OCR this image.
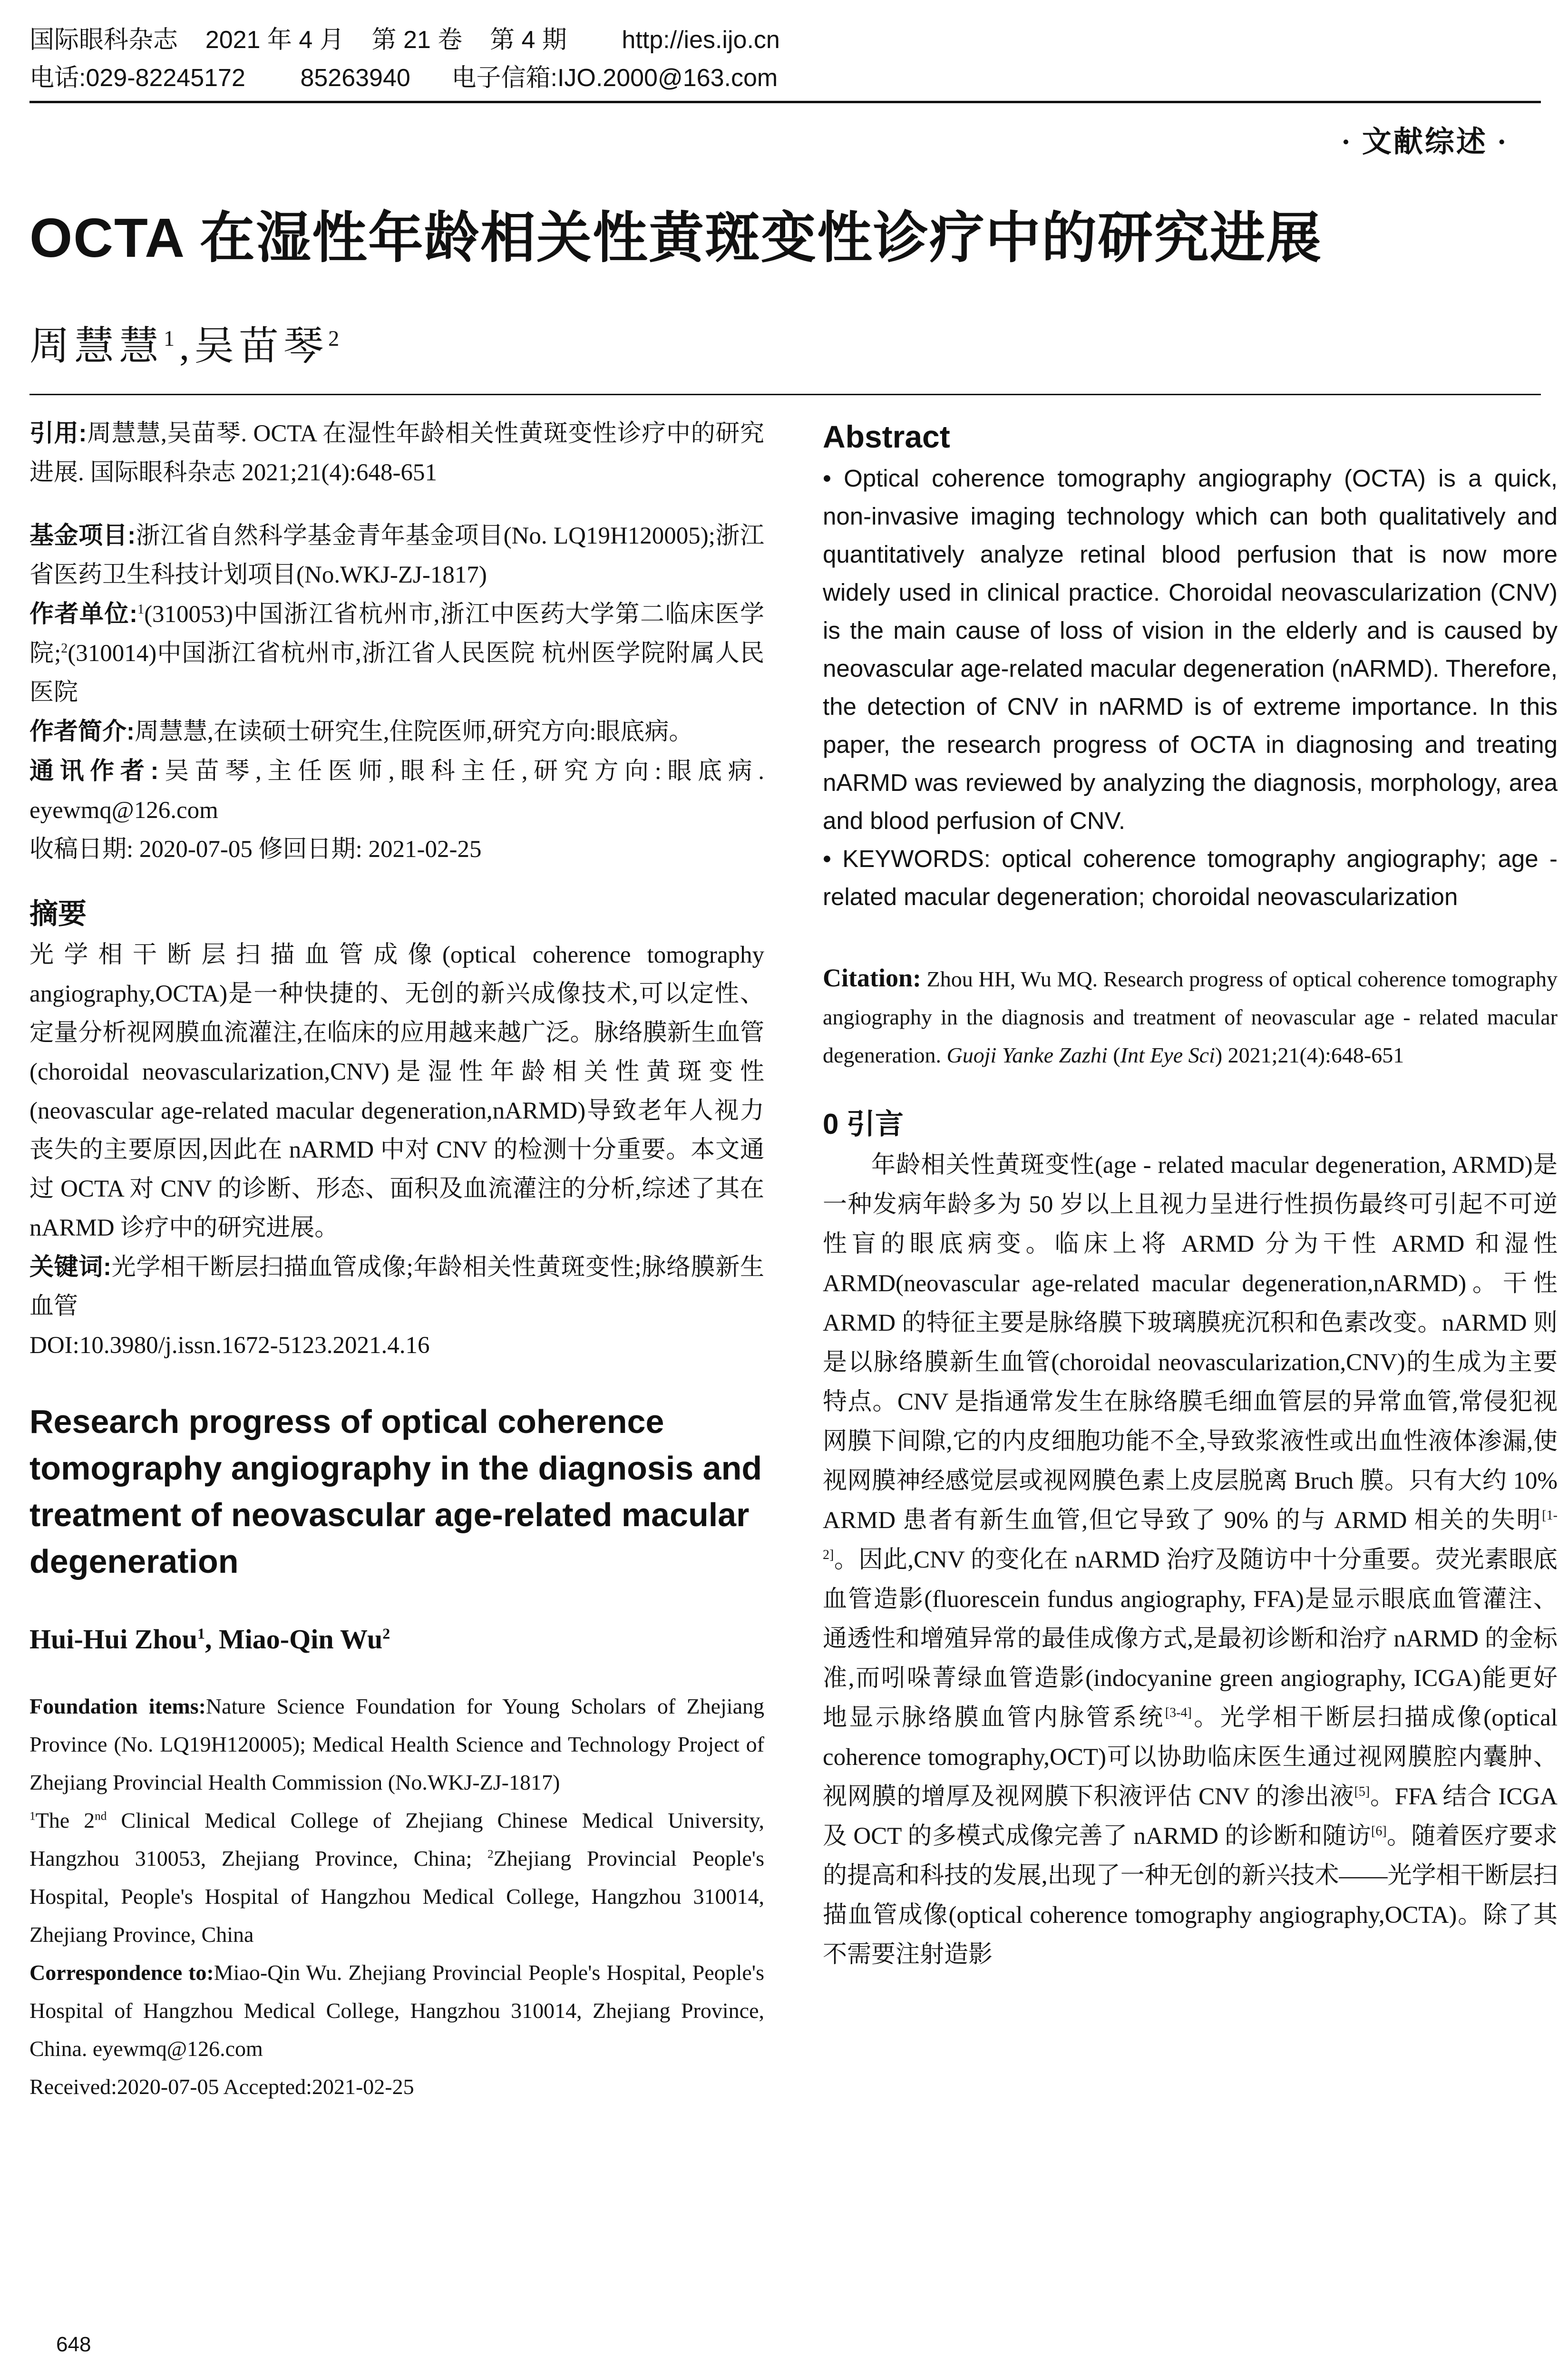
国际眼科杂志    2021 年 4 月    第 21 卷    第 4 期        http://ies.ijo.cn
电话:029-82245172        85263940      电子信箱:IJO.2000@163.com
· 文献综述 ·
OCTA 在湿性年龄相关性黄斑变性诊疗中的研究进展
周慧慧$^1$,吴苗琴$^2$

引用:周慧慧,吴苗琴. OCTA 在湿性年龄相关性黄斑变性诊疗中的研究进展. 国际眼科杂志 2021;21(4):648-651

基金项目:浙江省自然科学基金青年基金项目(No. LQ19H120005);浙江省医药卫生科技计划项目(No.WKJ-ZJ-1817)

作者单位:$^1$(310053)中国浙江省杭州市,浙江中医药大学第二临床医学院;$^2$(310014)中国浙江省杭州市,浙江省人民医院 杭州医学院附属人民医院

作者简介:周慧慧,在读硕士研究生,住院医师,研究方向:眼底病。

通讯作者:吴苗琴,主任医师,眼科主任,研究方向:眼底病. eyewmq@126.com

收稿日期: 2020-07-05 修回日期: 2021-02-25

摘要

光学相干断层扫描血管成像(optical coherence tomography angiography,OCTA)是一种快捷的、无创的新兴成像技术,可以定性、定量分析视网膜血流灌注,在临床的应用越来越广泛。脉络膜新生血管(choroidal neovascularization,CNV)是湿性年龄相关性黄斑变性(neovascular age-related macular degeneration,nARMD)导致老年人视力丧失的主要原因,因此在 nARMD 中对 CNV 的检测十分重要。本文通过 OCTA 对 CNV 的诊断、形态、面积及血流灌注的分析,综述了其在 nARMD 诊疗中的研究进展。

关键词:光学相干断层扫描血管成像;年龄相关性黄斑变性;脉络膜新生血管

DOI:10.3980/j.issn.1672-5123.2021.4.16

Research progress of optical coherence tomography angiography in the diagnosis and treatment of neovascular age-related macular degeneration

Hui-Hui Zhou$^1$, Miao-Qin Wu$^2$

Foundation items:Nature Science Foundation for Young Scholars of Zhejiang Province (No. LQ19H120005); Medical Health Science and Technology Project of Zhejiang Provincial Health Commission (No.WKJ-ZJ-1817)

$^1$The 2nd Clinical Medical College of Zhejiang Chinese Medical University, Hangzhou 310053, Zhejiang Province, China; $^2$Zhejiang Provincial People's Hospital, People's Hospital of Hangzhou Medical College, Hangzhou 310014, Zhejiang Province, China

Correspondence to:Miao-Qin Wu. Zhejiang Provincial People's Hospital, People's Hospital of Hangzhou Medical College, Hangzhou 310014, Zhejiang Province, China. eyewmq@126.com

Received:2020-07-05 Accepted:2021-02-25

Abstract

• Optical coherence tomography angiography (OCTA) is a quick, non-invasive imaging technology which can both qualitatively and quantitatively analyze retinal blood perfusion that is now more widely used in clinical practice. Choroidal neovascularization (CNV) is the main cause of loss of vision in the elderly and is caused by neovascular age-related macular degeneration (nARMD). Therefore, the detection of CNV in nARMD is of extreme importance. In this paper, the research progress of OCTA in diagnosing and treating nARMD was reviewed by analyzing the diagnosis, morphology, area and blood perfusion of CNV.

• KEYWORDS: optical coherence tomography angiography; age - related macular degeneration; choroidal neovascularization

Citation: Zhou HH, Wu MQ. Research progress of optical coherence tomography angiography in the diagnosis and treatment of neovascular age - related macular degeneration. Guoji Yanke Zazhi (Int Eye Sci) 2021;21(4):648-651

0 引言

年龄相关性黄斑变性(age - related macular degeneration, ARMD)是一种发病年龄多为 50 岁以上且视力呈进行性损伤最终可引起不可逆性盲的眼底病变。临床上将 ARMD 分为干性 ARMD 和湿性 ARMD(neovascular age-related macular degeneration,nARMD)。干性 ARMD 的特征主要是脉络膜下玻璃膜疣沉积和色素改变。nARMD 则是以脉络膜新生血管(choroidal neovascularization,CNV)的生成为主要特点。CNV 是指通常发生在脉络膜毛细血管层的异常血管,常侵犯视网膜下间隙,它的内皮细胞功能不全,导致浆液性或出血性液体渗漏,使视网膜神经感觉层或视网膜色素上皮层脱离 Bruch 膜。只有大约 10% ARMD 患者有新生血管,但它导致了 90% 的与 ARMD 相关的失明[1-2]。因此,CNV 的变化在 nARMD 治疗及随访中十分重要。荧光素眼底血管造影(fluorescein fundus angiography, FFA)是显示眼底血管灌注、通透性和增殖异常的最佳成像方式,是最初诊断和治疗 nARMD 的金标准,而吲哚菁绿血管造影(indocyanine green angiography, ICGA)能更好地显示脉络膜血管内脉管系统[3-4]。光学相干断层扫描成像(optical coherence tomography,OCT)可以协助临床医生通过视网膜腔内囊肿、视网膜的增厚及视网膜下积液评估 CNV 的渗出液[5]。FFA 结合 ICGA 及 OCT 的多模式成像完善了 nARMD 的诊断和随访[6]。随着医疗要求的提高和科技的发展,出现了一种无创的新兴技术——光学相干断层扫描血管成像(optical coherence tomography angiography,OCTA)。除了其不需要注射造影

648
